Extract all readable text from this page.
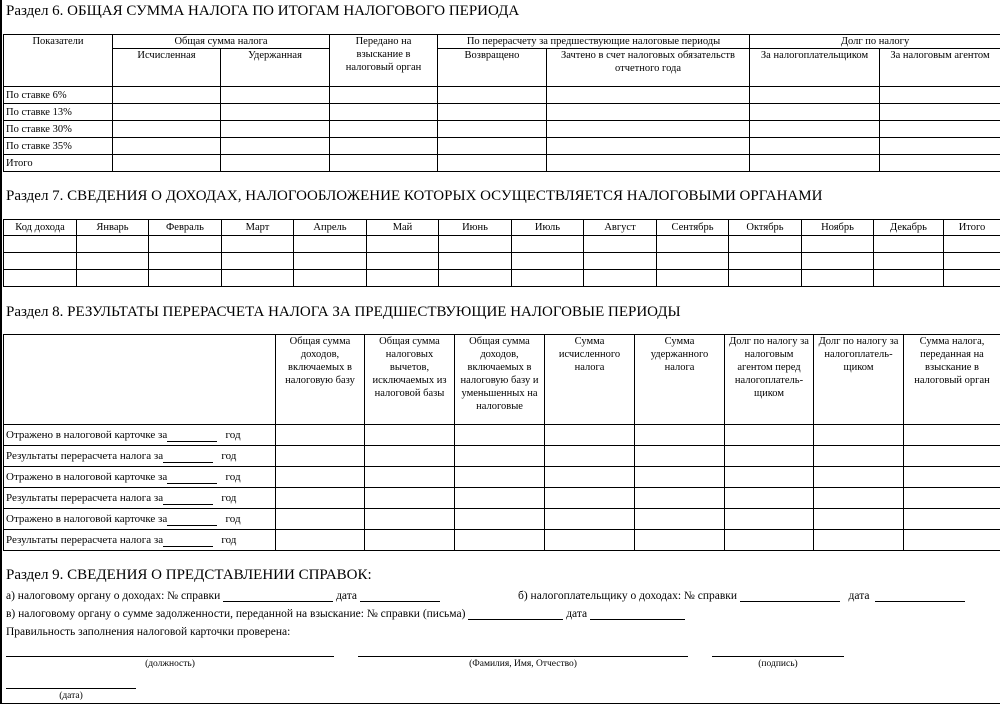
Раздел 6. ОБЩАЯ СУММА НАЛОГА ПО ИТОГАМ НАЛОГОВОГО ПЕРИОДА
Показатели	Общая сумма налога		Передано на взыскание в налоговый орган	По перерасчету за предшествующие налоговые периоды		Долг по налогу	
	Исчисленная	Удержанная		Возвращено	Зачтено в счет налоговых обязательств отчетного года	За налогоплательщиком	За налоговым агентом
По ставке 6%							
По ставке 13%							
По ставке 30%							
По ставке 35%							
Итого							
Раздел 7. СВЕДЕНИЯ О ДОХОДАХ, НАЛОГООБЛОЖЕНИЕ КОТОРЫХ ОСУЩЕСТВЛЯЕТСЯ НАЛОГОВЫМИ ОРГАНАМИ
Код дохода	Январь	Февраль	Март	Апрель	Май	Июнь	Июль	Август	Сентябрь	Октябрь	Ноябрь	Декабрь	Итого

Раздел 8. РЕЗУЛЬТАТЫ ПЕРЕРАСЧЕТА НАЛОГА ЗА ПРЕДШЕСТВУЮЩИЕ НАЛОГОВЫЕ ПЕРИОДЫ
	Общая сумма доходов, включаемых в налоговую базу	Общая сумма налоговых вычетов, исключаемых из налоговой базы	Общая сумма доходов, включаемых в налоговую базу и уменьшенных на налоговые	Сумма исчисленного налога	Сумма удержанного налога	Долг по налогу за налоговым агентом перед налогоплатель-щиком	Долг по налогу за налогоплатель-щиком	Сумма налога, переданная на взыскание в налоговый орган
Отражено в налоговой карточке за год								
Результаты перерасчета налога за год								
Отражено в налоговой карточке за год								
Результаты перерасчета налога за год								
Отражено в налоговой карточке за год								
Результаты перерасчета налога за год								
Раздел 9. СВЕДЕНИЯ О ПРЕДСТАВЛЕНИИ СПРАВОК:
а) налоговому органу о доходах: № справки	дата	б) налогоплательщику о доходах: № справки	дата
в) налоговому органу о сумме задолженности, переданной на взыскание: № справки (письма)	дата
Правильность заполнения налоговой карточки проверена:
(должность)	(Фамилия, Имя, Отчество)	(подпись)
(дата)
